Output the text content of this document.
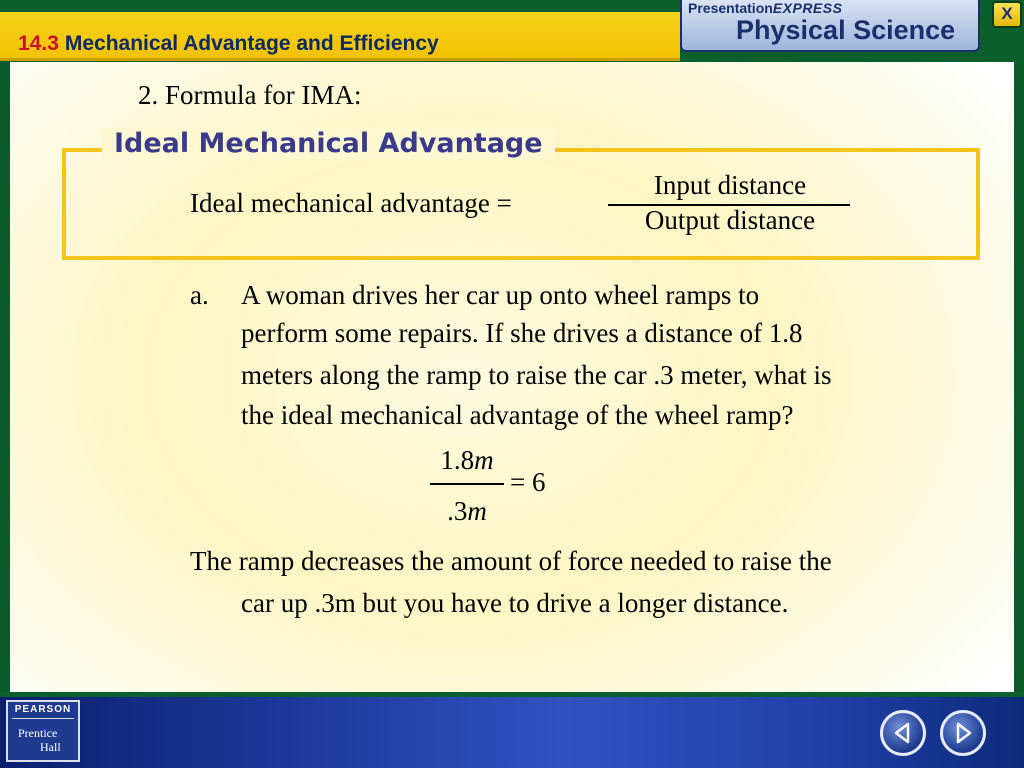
14.3 Mechanical Advantage and Efficiency
PresentationEXPRESS
Physical Science
X
2. Formula for IMA:
Ideal Mechanical Advantage
Ideal mechanical advantage =
Input distance
Output distance
a. A woman drives her car up onto wheel ramps to
perform some repairs. If she drives a distance of 1.8
meters along the ramp to raise the car .3 meter, what is
the ideal mechanical advantage of the wheel ramp?
1.8m
.3m
= 6
The ramp decreases the amount of force needed to raise the
car up .3m but you have to drive a longer distance.
PEARSON
Prentice
Hall
